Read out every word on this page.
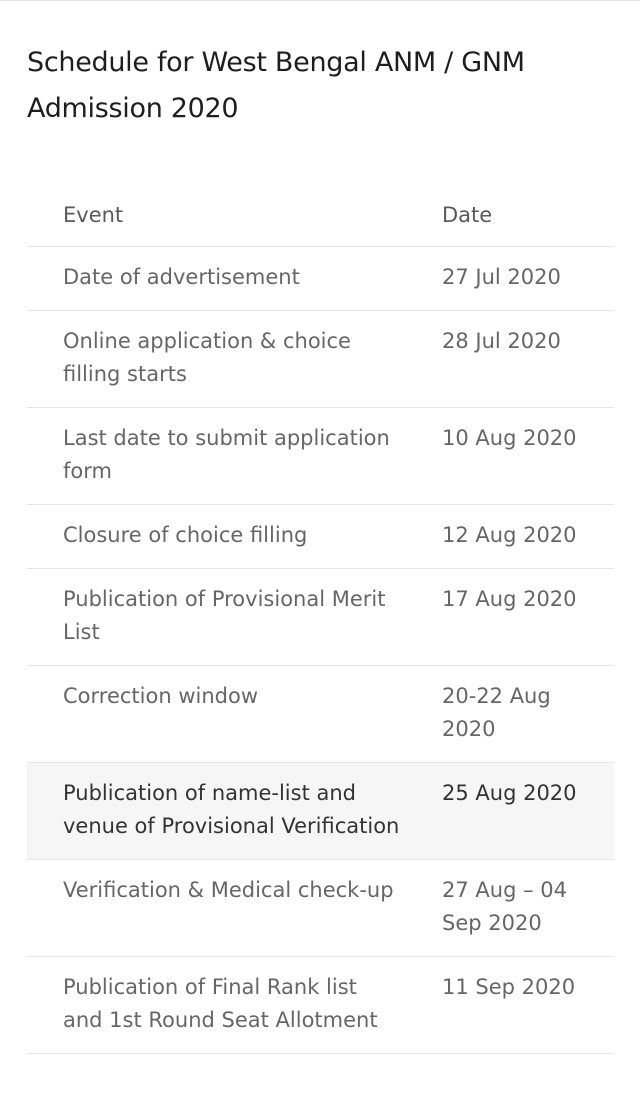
Schedule for West Bengal ANM / GNM Admission 2020
Event	Date
Date of advertisement	27 Jul 2020
Online application & choice filling starts	28 Jul 2020
Last date to submit application form	10 Aug 2020
Closure of choice filling	12 Aug 2020
Publication of Provisional Merit List	17 Aug 2020
Correction window	20-22 Aug 2020
Publication of name-list and venue of Provisional Verification	25 Aug 2020
Verification & Medical check-up	27 Aug – 04 Sep 2020
Publication of Final Rank list and 1st Round Seat Allotment	11 Sep 2020
